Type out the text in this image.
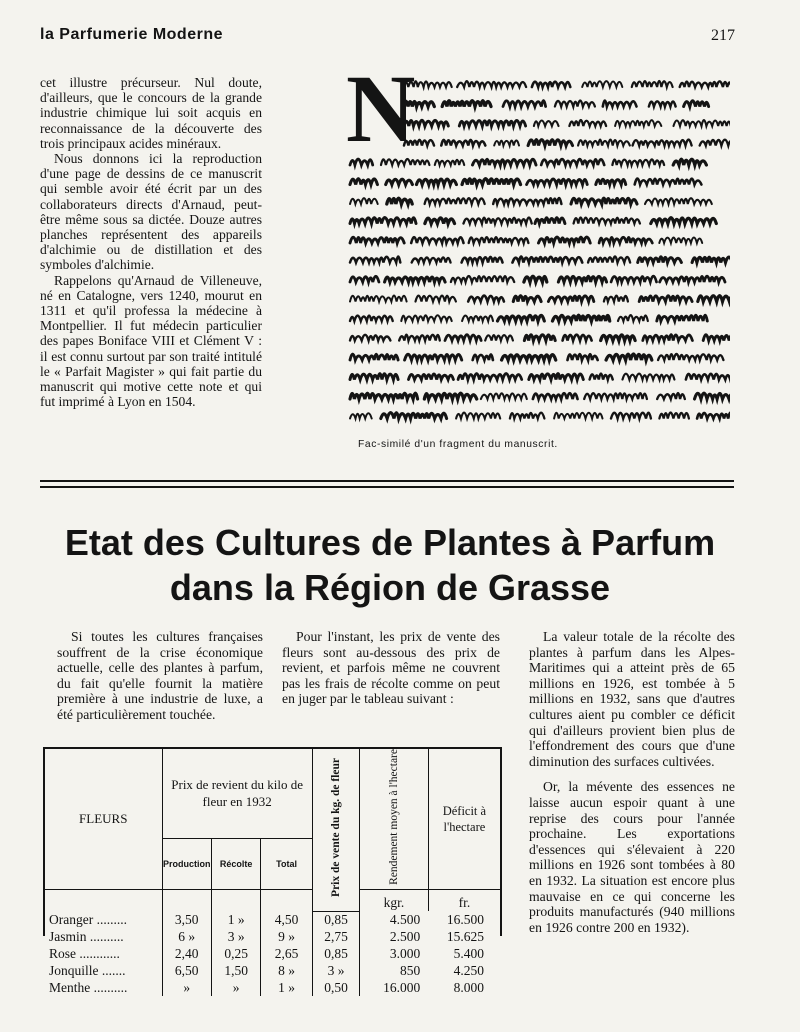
la Parfumerie Moderne	217

cet illustre précurseur. Nul doute, d'ailleurs, que le concours de la grande industrie chimique lui soit acquis en reconnaissance de la découverte des trois principaux acides minéraux.

Nous donnons ici la reproduction d'une page de dessins de ce manuscrit qui semble avoir été écrit par un des collaborateurs directs d'Arnaud, peut-être même sous sa dictée. Douze autres planches représentent des appareils d'alchimie ou de distillation et des symboles d'alchimie.

Rappelons qu'Arnaud de Villeneuve, né en Catalogne, vers 1240, mourut en 1311 et qu'il professa la médecine à Montpellier. Il fut médecin particulier des papes Boniface VIII et Clément V : il est connu surtout par son traité intitulé le « Parfait Magister » qui fait partie du manuscrit qui motive cette note et qui fut imprimé à Lyon en 1504.

N
Fac-similé d'un fragment du manuscrit.
Etat des Cultures de Plantes à Parfum
dans la Région de Grasse

Si toutes les cultures françaises souffrent de la crise économique actuelle, celle des plantes à parfum, du fait qu'elle fournit la matière première à une industrie de luxe, a été particulièrement touchée.

Pour l'instant, les prix de vente des fleurs sont au-dessous des prix de revient, et parfois même ne couvrent pas les frais de récolte comme on peut en juger par le tableau suivant :

La valeur totale de la récolte des plantes à parfum dans les Alpes-Maritimes qui a atteint près de 65 millions en 1926, est tombée à 5 millions en 1932, sans que d'autres cultures aient pu combler ce déficit qui d'ailleurs provient bien plus de l'effondrement des cours que d'une diminution des surfaces cultivées.

Or, la mévente des essences ne laisse aucun espoir quant à une reprise des cours pour l'année prochaine. Les exportations d'essences qui s'élevaient à 220 millions en 1926 sont tombées à 80 en 1932. La situation est encore plus mauvaise en ce qui concerne les produits manufacturés (940 millions en 1926 contre 200 en 1932).

FLEURS	Prix de revient du kilo de fleur en 1932			Prix de vente du kg. de fleur	Rendement moyen à l'hectare	Déficit à l'hectare
	Production	Récolte	Total			
					kgr.	fr.
Oranger .........	3,50	1 »	4,50	0,85	4.500	16.500
Jasmin ..........	6 »	3 »	9 »	2,75	2.500	15.625
Rose ............	2,40	0,25	2,65	0,85	3.000	5.400
Jonquille .......	6,50	1,50	8 »	3 »	850	4.250
Menthe ..........	»	»	1 »	0,50	16.000	8.000
